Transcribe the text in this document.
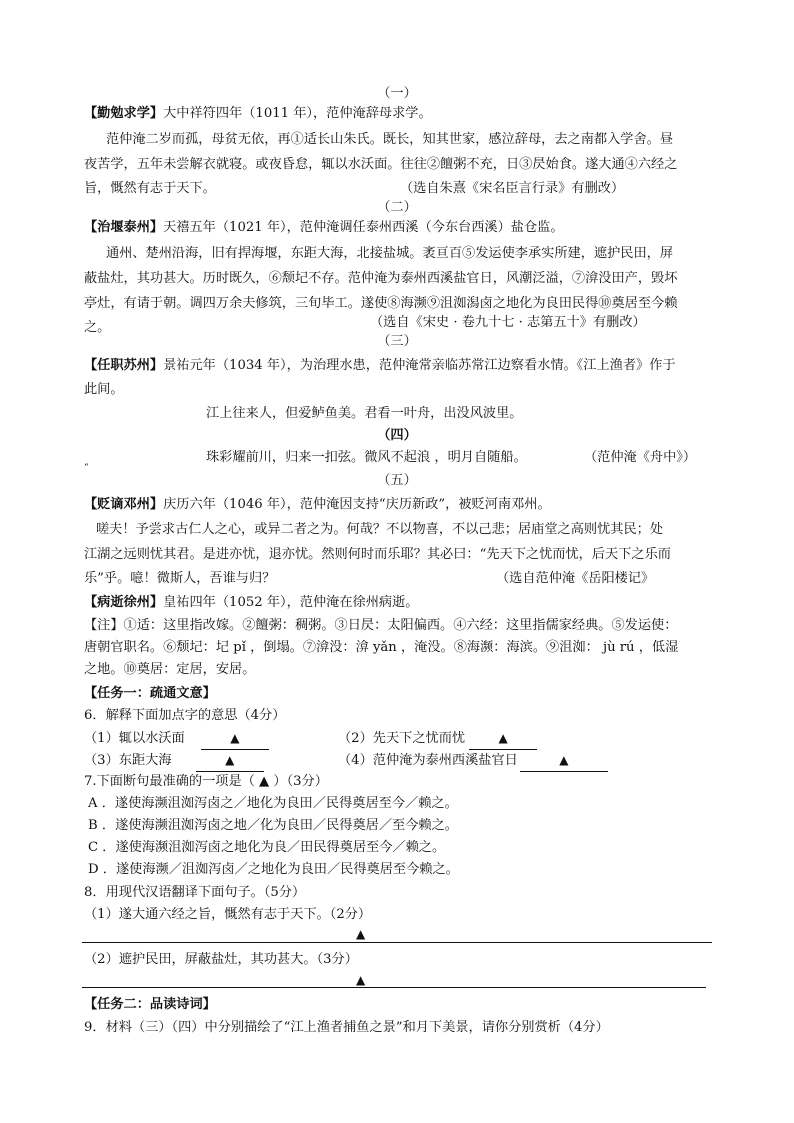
（一）
【勤勉求学】大中祥符四年（1011 年），范仲淹辞母求学。
范仲淹二岁而孤，母贫无依，再①适长山朱氏。既长，知其世家，感泣辞母，去之南都入学舍。昼
夜苦学，五年未尝解衣就寝。或夜昏怠，辄以水沃面。往往②饘粥不充，日③昃始食。遂大通④六经之
旨，慨然有志于天下。	（选自朱熹《宋名臣言行录》有删改）
（二）
【治堰泰州】天禧五年（1021 年），范仲淹调任泰州西溪（今东台西溪）盐仓监。
通州、楚州沿海，旧有捍海堰，东距大海，北接盐城。袤亘百⑤发运使李承实所建，遮护民田，屏
蔽盐灶，其功甚大。历时既久，⑥颓圮不存。范仲淹为泰州西溪盐官日，风潮泛溢，⑦渰没田产，毁坏
亭灶，有请于朝。调四万余夫修筑，三旬毕工。遂使⑧海濒⑨沮洳潟卤之地化为良田民得⑩奠居至今赖
之。	（选自《宋史 · 卷九十七 · 志第五十》有删改）
（三）
【任职苏州】景祐元年（1034 年），为治理水患，范仲淹常亲临苏常江边察看水情。《江上渔者》作于
此间。
江上往来人，但爱鲈鱼美。君看一叶舟，出没风波里。
（四）
珠彩耀前川，归来一扣弦。微风不起浪 ，明月自随船。	（范仲淹《舟中》）
“
（五）
【贬谪邓州】庆历六年（1046 年），范仲淹因支持“庆历新政”，被贬河南邓州。
嗟夫！予尝求古仁人之心，或异二者之为。何哉？不以物喜，不以己悲；居庙堂之高则忧其民；处
江湖之远则忧其君。是进亦忧，退亦忧。然则何时而乐耶？其必曰：“先天下之忧而忧，后天下之乐而
乐”乎。噫！微斯人，吾谁与归？	（选自范仲淹《岳阳楼记》
【病逝徐州】皇祐四年（1052 年），范仲淹在徐州病逝。
【注】①适：这里指改嫁。②饘粥：稠粥。③日昃：太阳偏西。④六经：这里指儒家经典。⑤发运使：
唐朝官职名。⑥颓圮：圮 pǐ ，倒塌。⑦渰没：渰 yǎn ，淹没。⑧海濒：海滨。⑨沮洳： jù rú ，低湿
之地。⑩奠居：定居，安居。
【任务一：疏通文意】
6．解释下面加点字的意思（4分）
（1）辄以水沃面	▲	（2）先天下之忧而忧	▲
（3）东距大海	▲	（4）范仲淹为泰州西溪盐官日	▲
7.下面断句最准确的一项是（ ▲ ）（3分）
A ．遂使海濒沮洳泻卤之／地化为良田／民得奠居至今／赖之。
B ．遂使海濒沮洳泻卤之地／化为良田／民得奠居／至今赖之。
C ．遂使海濒沮洳泻卤之地化为良／田民得奠居至今／赖之。
D ．遂使海濒／沮洳泻卤／之地化为良田／民得奠居至今赖之。
8．用现代汉语翻译下面句子。（5分）
（1）遂大通六经之旨，慨然有志于天下。（2分）
▲
（2）遮护民田，屏蔽盐灶，其功甚大。（3分）
▲
【任务二：品读诗词】
9．材料（三）（四）中分别描绘了“江上渔者捕鱼之景”和月下美景，请你分别赏析（4分）
